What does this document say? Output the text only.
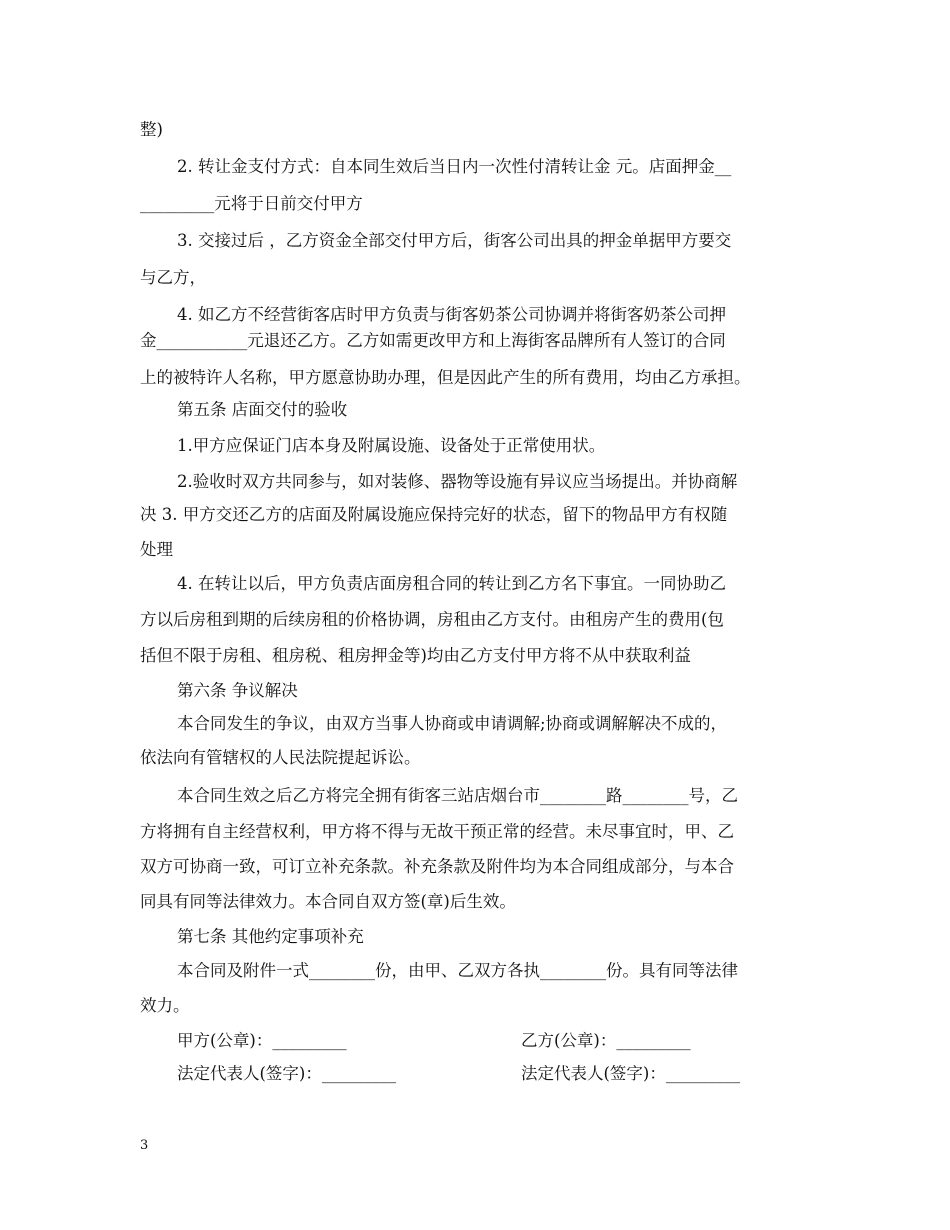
整)
2. 转让金支付方式：自本同生效后当日内一次性付清转让金 元。店面押金__
_________元将于日前交付甲方
3. 交接过后 ，乙方资金全部交付甲方后，街客公司出具的押金单据甲方要交
与乙方，
4. 如乙方不经营街客店时甲方负责与街客奶茶公司协调并将街客奶茶公司押
金___________元退还乙方。乙方如需更改甲方和上海街客品牌所有人签订的合同
上的被特许人名称，甲方愿意协助办理，但是因此产生的所有费用，均由乙方承担。
第五条 店面交付的验收
1.甲方应保证门店本身及附属设施、设备处于正常使用状。
2.验收时双方共同参与，如对装修、器物等设施有异议应当场提出。并协商解
决 3. 甲方交还乙方的店面及附属设施应保持完好的状态，留下的物品甲方有权随
处理
4. 在转让以后，甲方负责店面房租合同的转让到乙方名下事宜。一同协助乙
方以后房租到期的后续房租的价格协调，房租由乙方支付。由租房产生的费用(包
括但不限于房租、租房税、租房押金等)均由乙方支付甲方将不从中获取利益
第六条 争议解决
本合同发生的争议，由双方当事人协商或申请调解;协商或调解解决不成的，
依法向有管辖权的人民法院提起诉讼。
本合同生效之后乙方将完全拥有街客三站店烟台市________路________号，乙
方将拥有自主经营权利，甲方将不得与无故干预正常的经营。未尽事宜时，甲、乙
双方可协商一致，可订立补充条款。补充条款及附件均为本合同组成部分，与本合
同具有同等法律效力。本合同自双方签(章)后生效。
第七条 其他约定事项补充
本合同及附件一式________份，由甲、乙双方各执________份。具有同等法律
效力。
甲方(公章)：_________	乙方(公章)：_________
法定代表人(签字)：_________	法定代表人(签字)：_________
3
